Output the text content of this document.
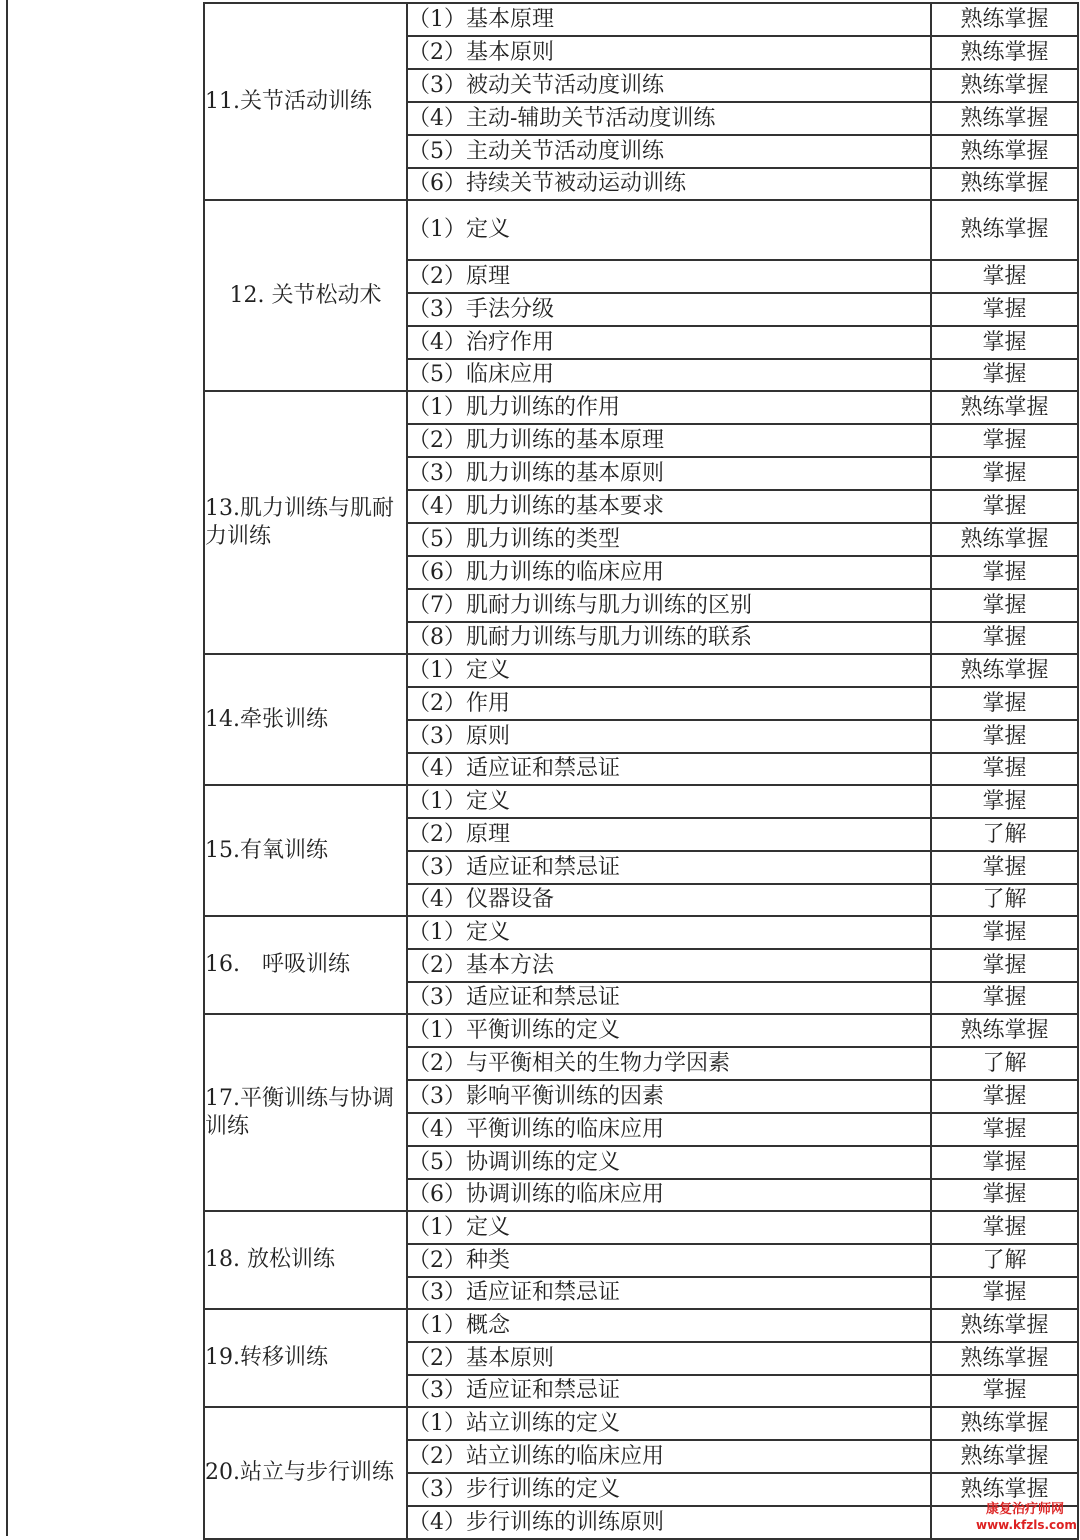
11.关节活动训练	（1）基本原理	熟练掌握
	（2）基本原则	熟练掌握
	（3）被动关节活动度训练	熟练掌握
	（4）主动-辅助关节活动度训练	熟练掌握
	（5）主动关节活动度训练	熟练掌握
	（6）持续关节被动运动训练	熟练掌握
12. 关节松动术	（1）定义	熟练掌握
	（2）原理	掌握
	（3）手法分级	掌握
	（4）治疗作用	掌握
	（5）临床应用	掌握
13.肌力训练与肌耐力训练	（1）肌力训练的作用	熟练掌握
	（2）肌力训练的基本原理	掌握
	（3）肌力训练的基本原则	掌握
	（4）肌力训练的基本要求	掌握
	（5）肌力训练的类型	熟练掌握
	（6）肌力训练的临床应用	掌握
	（7）肌耐力训练与肌力训练的区别	掌握
	（8）肌耐力训练与肌力训练的联系	掌握
14.牵张训练	（1）定义	熟练掌握
	（2）作用	掌握
	（3）原则	掌握
	（4）适应证和禁忌证	掌握
15.有氧训练	（1）定义	掌握
	（2）原理	了解
	（3）适应证和禁忌证	掌握
	（4）仪器设备	了解
16.　呼吸训练	（1）定义	掌握
	（2）基本方法	掌握
	（3）适应证和禁忌证	掌握
17.平衡训练与协调训练	（1）平衡训练的定义	熟练掌握
	（2）与平衡相关的生物力学因素	了解
	（3）影响平衡训练的因素	掌握
	（4）平衡训练的临床应用	掌握
	（5）协调训练的定义	掌握
	（6）协调训练的临床应用	掌握
18. 放松训练	（1）定义	掌握
	（2）种类	了解
	（3）适应证和禁忌证	掌握
19.转移训练	（1）概念	熟练掌握
	（2）基本原则	熟练掌握
	（3）适应证和禁忌证	掌握
20.站立与步行训练	（1）站立训练的定义	熟练掌握
	（2）站立训练的临床应用	熟练掌握
	（3）步行训练的定义	熟练掌握
	（4）步行训练的训练原则		康复治疗师网
www.kfzls.com
